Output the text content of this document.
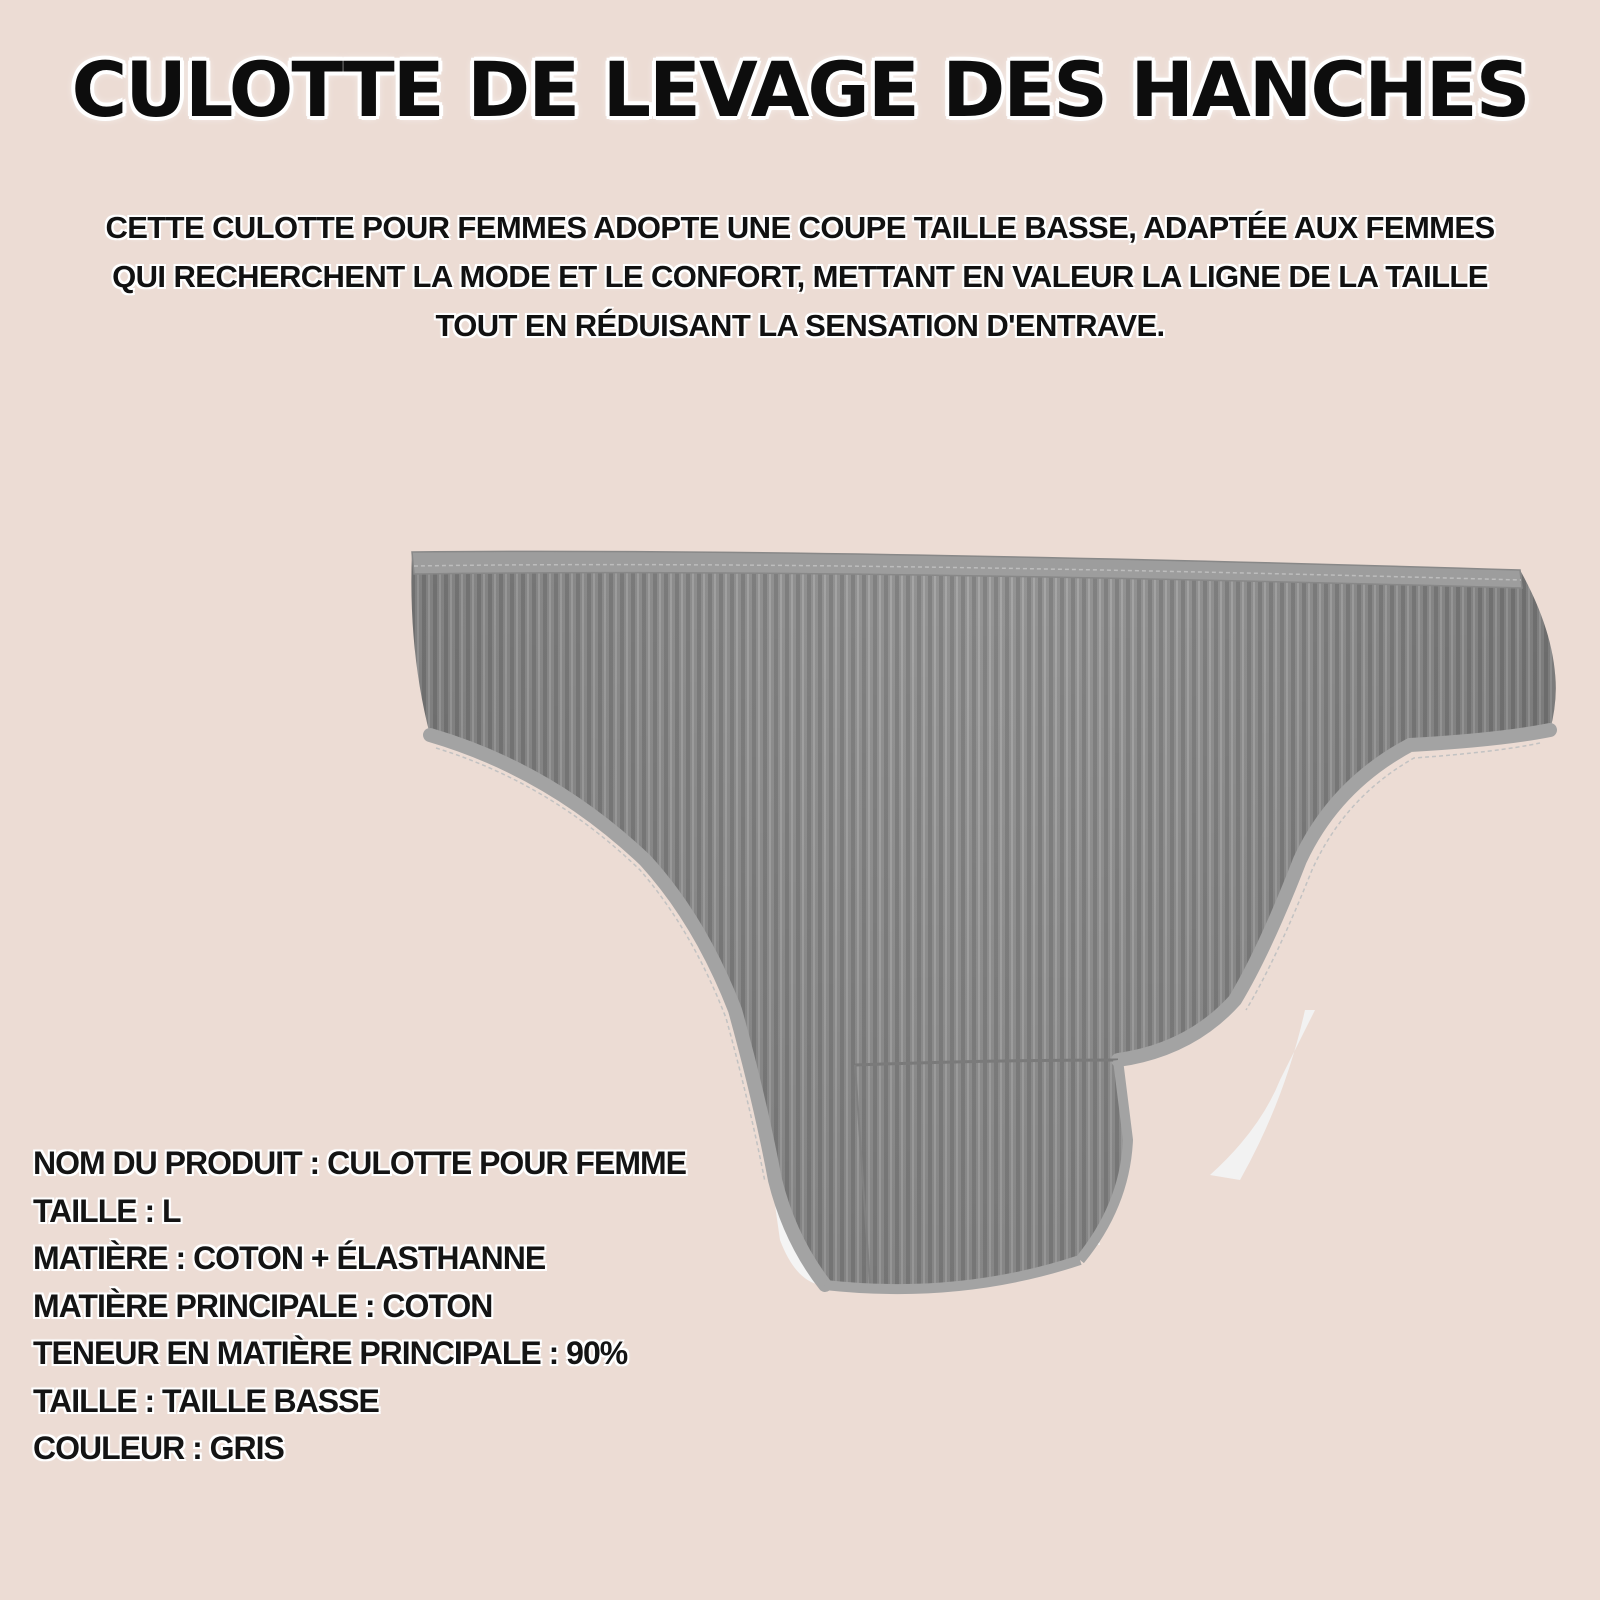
CULOTTE DE LEVAGE DES HANCHES
CETTE CULOTTE POUR FEMMES ADOPTE UNE COUPE TAILLE BASSE, ADAPTÉE AUX FEMMES
QUI RECHERCHENT LA MODE ET LE CONFORT, METTANT EN VALEUR LA LIGNE DE LA TAILLE
TOUT EN RÉDUISANT LA SENSATION D'ENTRAVE.
NOM DU PRODUIT : CULOTTE POUR FEMME
TAILLE : L
MATIÈRE : COTON + ÉLASTHANNE
MATIÈRE PRINCIPALE : COTON
TENEUR EN MATIÈRE PRINCIPALE : 90%
TAILLE : TAILLE BASSE
COULEUR : GRIS
